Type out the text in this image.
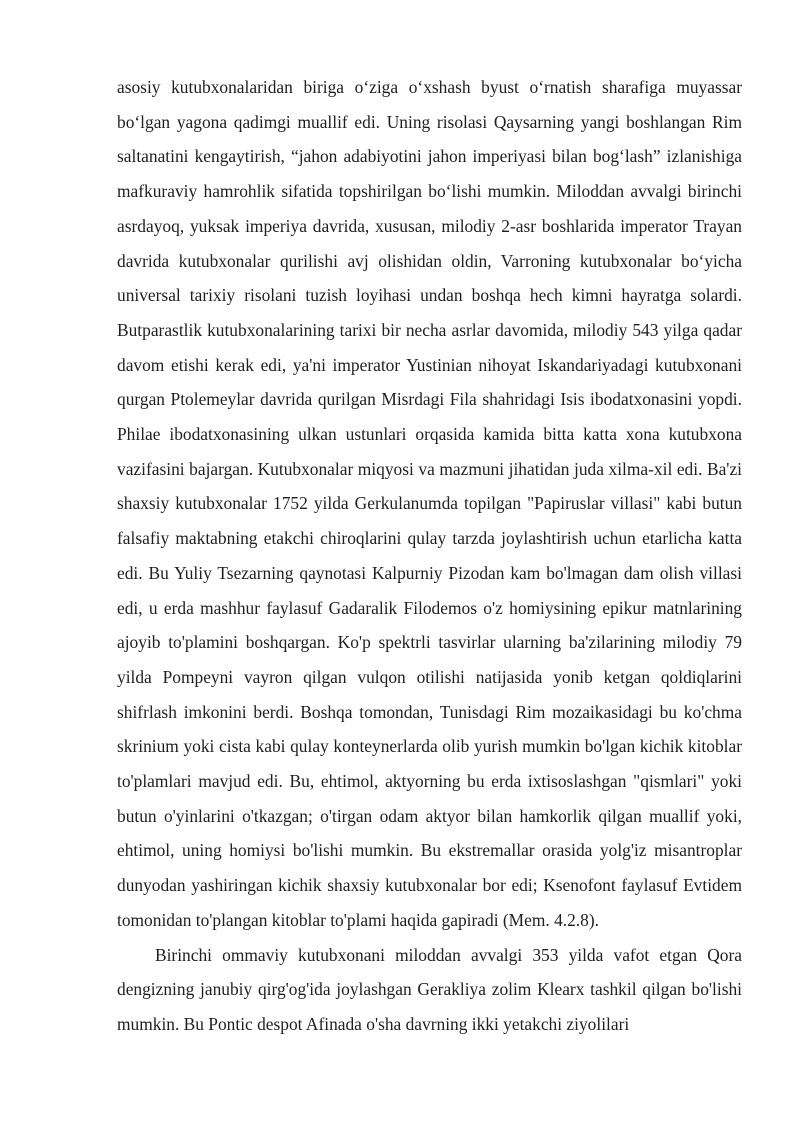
asosiy kutubxonalaridan biriga o‘ziga o‘xshash byust o‘rnatish sharafiga muyassar bo‘lgan yagona qadimgi muallif edi. Uning risolasi Qaysarning yangi boshlangan Rim saltanatini kengaytirish, “jahon adabiyotini jahon imperiyasi bilan bog‘lash” izlanishiga mafkuraviy hamrohlik sifatida topshirilgan bo‘lishi mumkin. Miloddan avvalgi birinchi asrdayoq, yuksak imperiya davrida, xususan, milodiy 2-asr boshlarida imperator Trayan davrida kutubxonalar qurilishi avj olishidan oldin, Varroning kutubxonalar bo‘yicha universal tarixiy risolani tuzish loyihasi undan boshqa hech kimni hayratga solardi. Butparastlik kutubxonalarining tarixi bir necha asrlar davomida, milodiy 543 yilga qadar davom etishi kerak edi, ya'ni imperator Yustinian nihoyat Iskandariyadagi kutubxonani qurgan Ptolemeylar davrida qurilgan Misrdagi Fila shahridagi Isis ibodatxonasini yopdi. Philae ibodatxonasining ulkan ustunlari orqasida kamida bitta katta xona kutubxona vazifasini bajargan. Kutubxonalar miqyosi va mazmuni jihatidan juda xilma-xil edi. Ba'zi shaxsiy kutubxonalar 1752 yilda Gerkulanumda topilgan "Papiruslar villasi" kabi butun falsafiy maktabning etakchi chiroqlarini qulay tarzda joylashtirish uchun etarlicha katta edi. Bu Yuliy Tsezarning qaynotasi Kalpurniy Pizodan kam bo'lmagan dam olish villasi edi, u erda mashhur faylasuf Gadaralik Filodemos o'z homiysining epikur matnlarining ajoyib to'plamini boshqargan. Ko'p spektrli tasvirlar ularning ba'zilarining milodiy 79 yilda Pompeyni vayron qilgan vulqon otilishi natijasida yonib ketgan qoldiqlarini shifrlash imkonini berdi. Boshqa tomondan, Tunisdagi Rim mozaikasidagi bu ko'chma skrinium yoki cista kabi qulay konteynerlarda olib yurish mumkin bo'lgan kichik kitoblar to'plamlari mavjud edi. Bu, ehtimol, aktyorning bu erda ixtisoslashgan "qismlari" yoki butun o'yinlarini o'tkazgan; o'tirgan odam aktyor bilan hamkorlik qilgan muallif yoki, ehtimol, uning homiysi bo'lishi mumkin. Bu ekstremallar orasida yolg'iz misantroplar dunyodan yashiringan kichik shaxsiy kutubxonalar bor edi; Ksenofont faylasuf Evtidem tomonidan to'plangan kitoblar to'plami haqida gapiradi (Mem. 4.2.8).

Birinchi ommaviy kutubxonani miloddan avvalgi 353 yilda vafot etgan Qora dengizning janubiy qirg'og'ida joylashgan Gerakliya zolim Klearx tashkil qilgan bo'lishi mumkin. Bu Pontic despot Afinada o'sha davrning ikki yetakchi ziyolilari
